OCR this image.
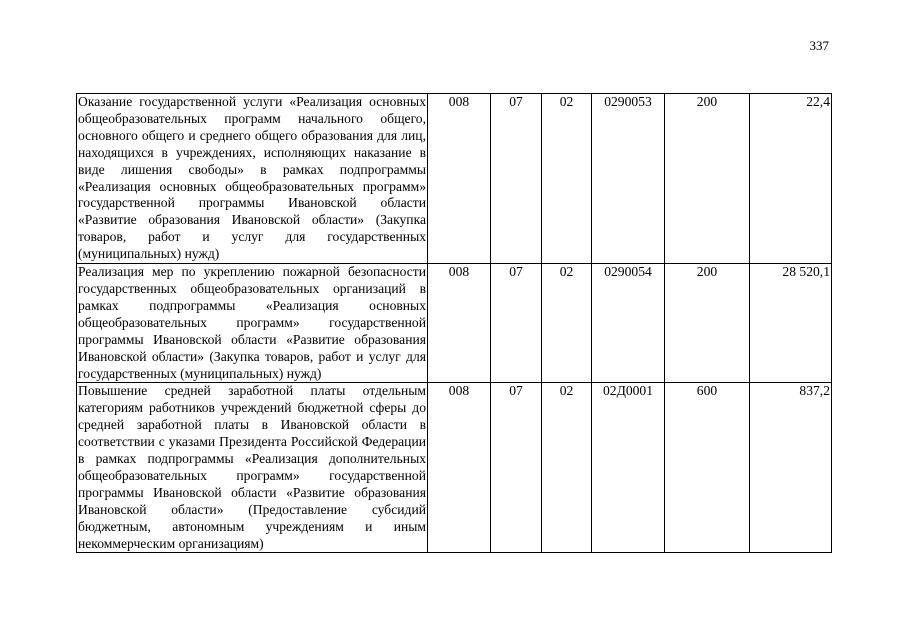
337
Оказание государственной услуги «Реализация основных общеобразовательных программ начального общего, основного общего и среднего общего образования для лиц, находящихся в учреждениях, исполняющих наказание в виде лишения свободы» в рамках подпрограммы «Реализация основных общеобразовательных программ» государственной программы Ивановской области «Развитие образования Ивановской области» (Закупка товаров, работ и услуг для государственных (муниципальных) нужд)	008	07	02	0290053	200	22,4
Реализация мер по укреплению пожарной безопасности государственных общеобразовательных организаций в рамках подпрограммы «Реализация основных общеобразовательных программ» государственной программы Ивановской области «Развитие образования Ивановской области» (Закупка товаров, работ и услуг для государственных (муниципальных) нужд)	008	07	02	0290054	200	28 520,1
Повышение средней заработной платы отдельным категориям работников учреждений бюджетной сферы до средней заработной платы в Ивановской области в соответствии с указами Президента Российской Федерации в рамках подпрограммы «Реализация дополнительных общеобразовательных программ» государственной программы Ивановской области «Развитие образования Ивановской области» (Предоставление субсидий бюджетным, автономным учреждениям и иным некоммерческим организациям)	008	07	02	02Д0001	600	837,2
